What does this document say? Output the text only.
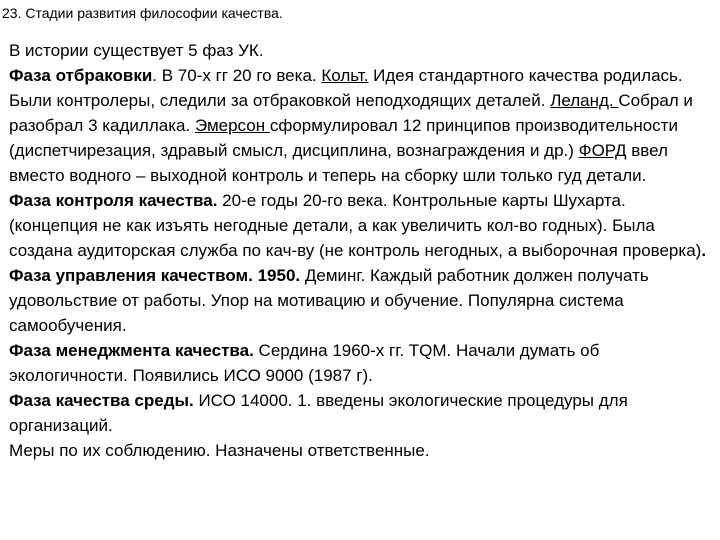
23. Стадии развития философии качества.

В истории существует 5 фаз УК.

Фаза отбраковки. В 70-х гг 20 го века. Кольт. Идея стандартного качества родилась. Были контролеры, следили за отбраковкой неподходящих деталей. Леланд. Собрал и разобрал 3 кадиллака. Эмерсон сформулировал 12 принципов производительности (диспетчирезация, здравый смысл, дисциплина, вознаграждения и др.) ФОРД ввел вместо водного – выходной контроль и теперь на сборку шли только гуд детали.

Фаза контроля качества. 20-е годы 20-го века. Контрольные карты Шухарта. (концепция не как изъять негодные детали, а как увеличить кол-во годных). Была создана аудиторская служба по кач-ву (не контроль негодных, а выборочная проверка).

Фаза управления качеством. 1950. Деминг. Каждый работник должен получать удовольствие от работы. Упор на мотивацию и обучение. Популярна система самообучения.

Фаза менеджмента качества. Сердина 1960-х гг. TQM. Начали думать об экологичности. Появились ИСО 9000 (1987 г).

Фаза качества среды. ИСО 14000. 1. введены экологические процедуры для организаций.

Меры по их соблюдению. Назначены ответственные.
